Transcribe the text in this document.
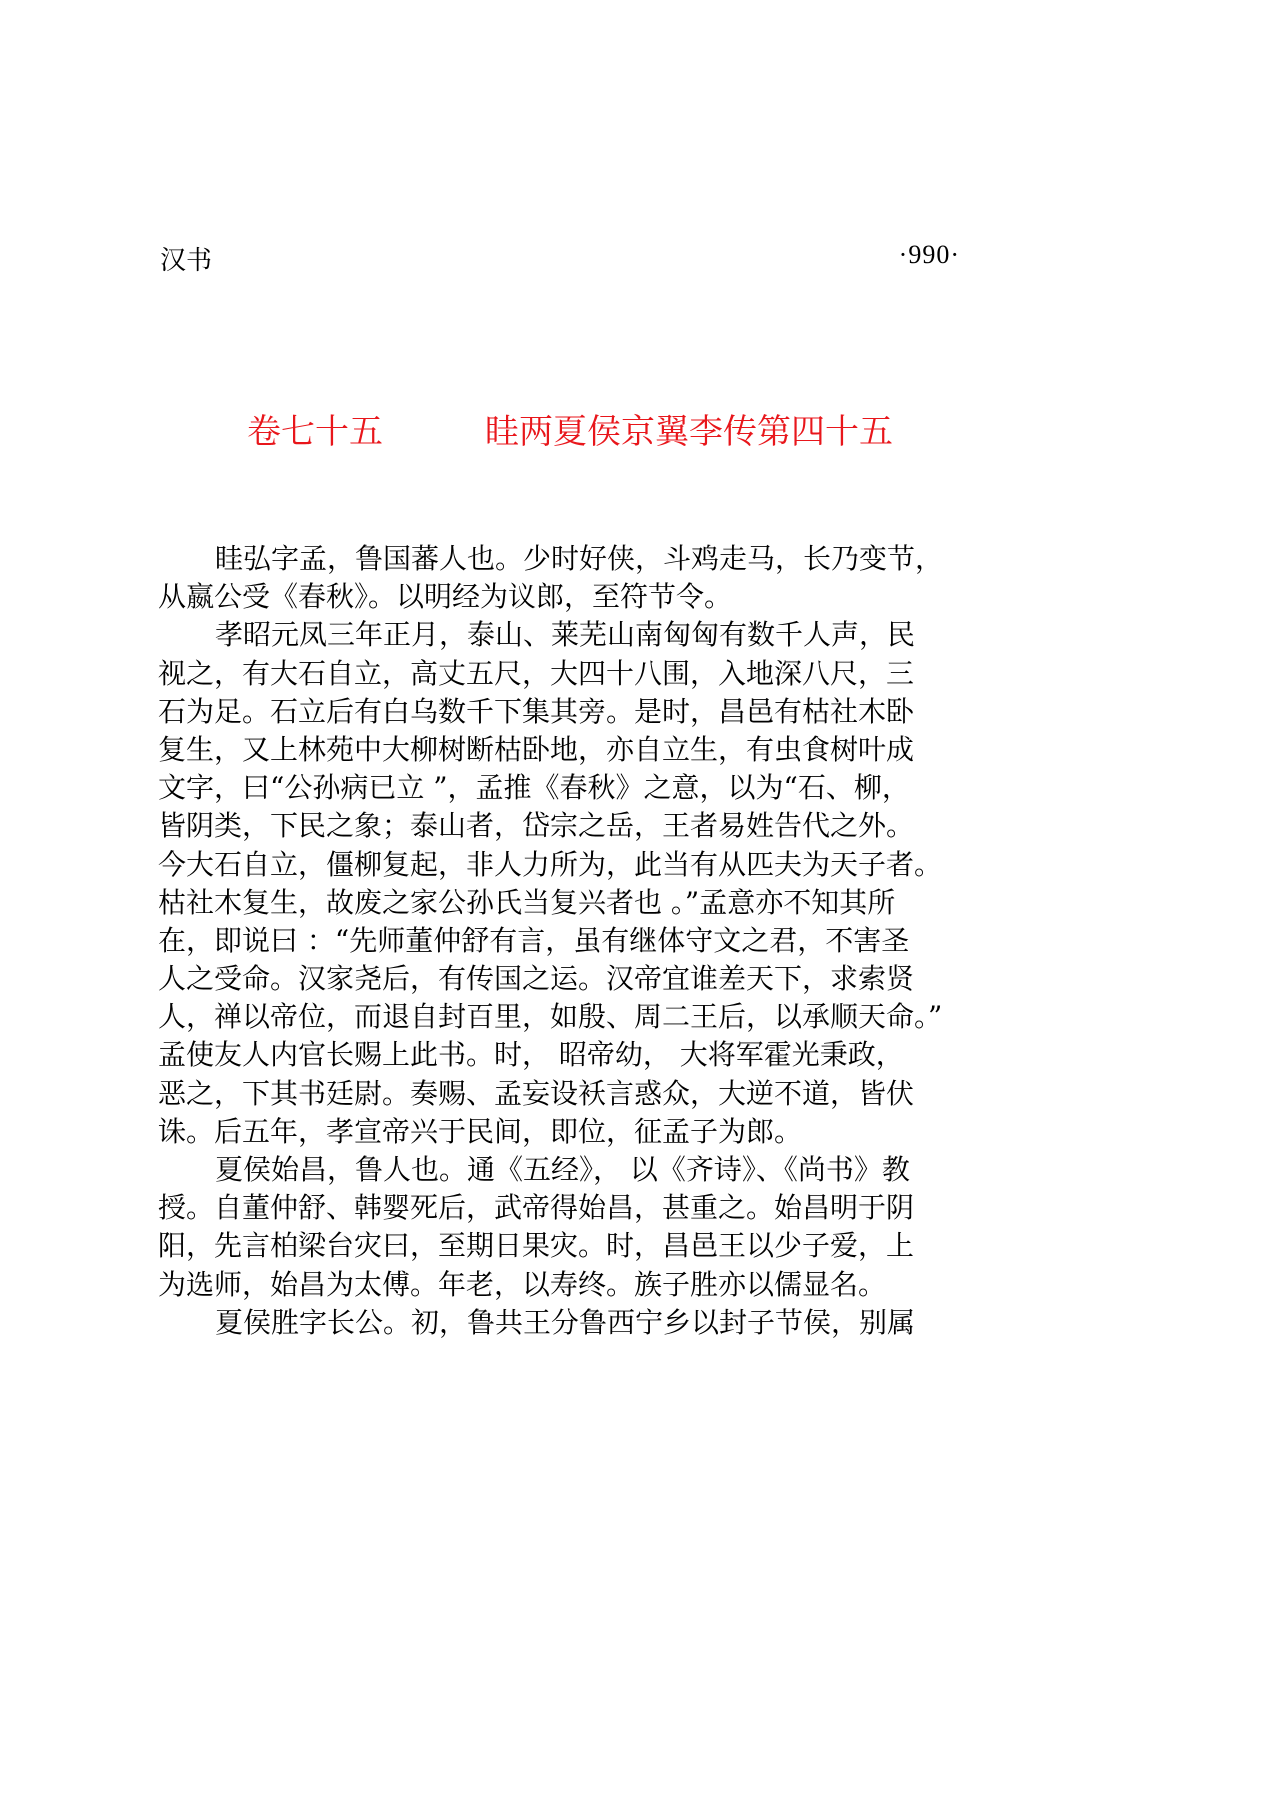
汉书	·990·
卷七十五　　　眭两夏侯京翼李传第四十五
眭弘字孟，鲁国蕃人也。少时好侠，斗鸡走马，长乃变节，
从嬴公受《春秋》。以明经为议郎，至符节令。
孝昭元凤三年正月，泰山、莱芜山南匈匈有数千人声，民
视之，有大石自立，高丈五尺，大四十八围，入地深八尺，三
石为足。石立后有白乌数千下集其旁。是时，昌邑有枯社木卧
复生，又上林苑中大柳树断枯卧地，亦自立生，有虫食树叶成
文字，曰“公孙病已立 ”，孟推《春秋》之意，以为“石、柳，
皆阴类，下民之象；泰山者，岱宗之岳，王者易姓告代之外。
今大石自立，僵柳复起，非人力所为，此当有从匹夫为天子者。
枯社木复生，故废之家公孙氏当复兴者也 。”孟意亦不知其所
在，即说曰 ：“先师董仲舒有言，虽有继体守文之君，不害圣
人之受命。汉家尧后，有传国之运。汉帝宜谁差天下，求索贤
人，禅以帝位，而退自封百里，如殷、周二王后，以承顺天命。”
孟使友人内官长赐上此书。时， 昭帝幼， 大将军霍光秉政，
恶之，下其书廷尉。奏赐、孟妄设袄言惑众，大逆不道，皆伏
诛。后五年，孝宣帝兴于民间，即位，征孟子为郎。
夏侯始昌，鲁人也。通《五经》， 以《齐诗》、《尚书》教
授。自董仲舒、韩婴死后，武帝得始昌，甚重之。始昌明于阴
阳，先言柏梁台灾曰，至期日果灾。时，昌邑王以少子爱，上
为选师，始昌为太傅。年老，以寿终。族子胜亦以儒显名。
夏侯胜字长公。初，鲁共王分鲁西宁乡以封子节侯，别属
